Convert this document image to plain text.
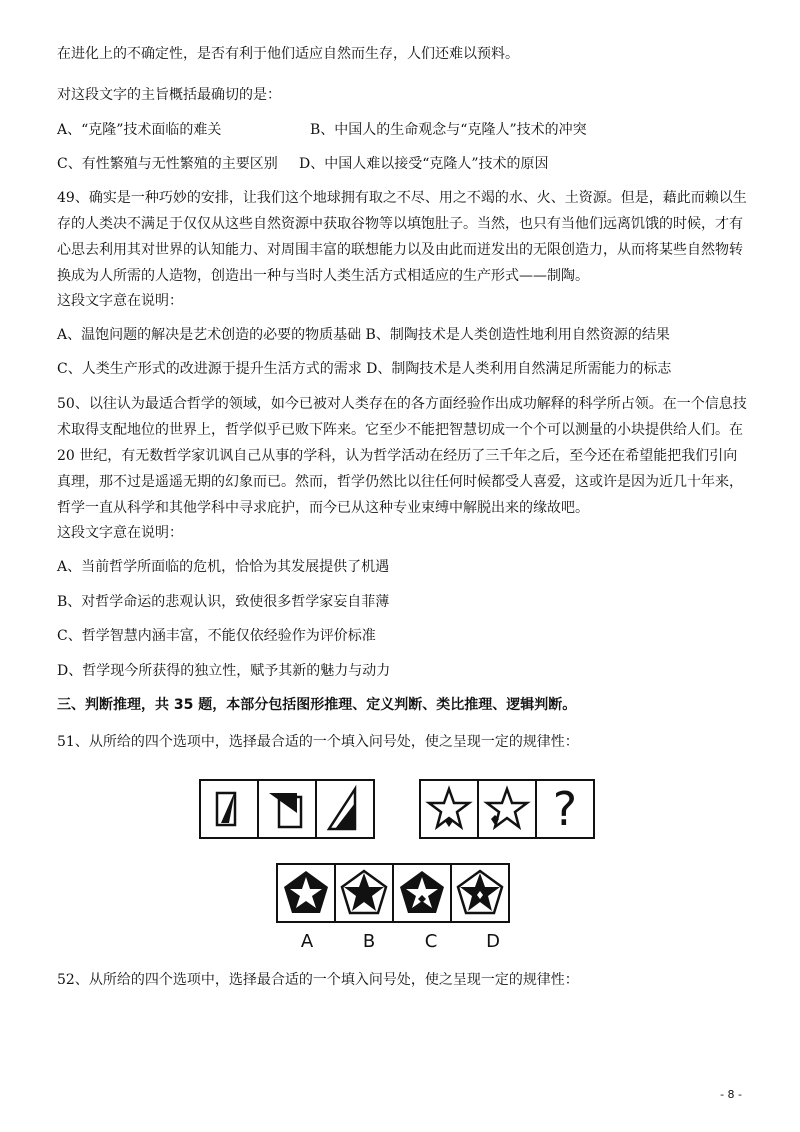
在进化上的不确定性，是否有利于他们适应自然而生存，人们还难以预料。

对这段文字的主旨概括最确切的是：

A、“克隆”技术面临的难关	B、中国人的生命观念与“克隆人”技术的冲突
C、有性繁殖与无性繁殖的主要区别	D、中国人难以接受“克隆人”技术的原因

49、确实是一种巧妙的安排，让我们这个地球拥有取之不尽、用之不竭的水、火、土资源。但是，藉此而赖以生存的人类决不满足于仅仅从这些自然资源中获取谷物等以填饱肚子。当然，也只有当他们远离饥饿的时候，才有心思去利用其对世界的认知能力、对周围丰富的联想能力以及由此而迸发出的无限创造力，从而将某些自然物转换成为人所需的人造物，创造出一种与当时人类生活方式相适应的生产形式——制陶。

这段文字意在说明：

A、温饱问题的解决是艺术创造的必要的物质基础 B、制陶技术是人类创造性地利用自然资源的结果

C、人类生产形式的改进源于提升生活方式的需求 D、制陶技术是人类利用自然满足所需能力的标志

50、以往认为最适合哲学的领域，如今已被对人类存在的各方面经验作出成功解释的科学所占领。在一个信息技术取得支配地位的世界上，哲学似乎已败下阵来。它至少不能把智慧切成一个个可以测量的小块提供给人们。在 20 世纪，有无数哲学家讥讽自己从事的学科，认为哲学活动在经历了三千年之后，至今还在希望能把我们引向真理，那不过是遥遥无期的幻象而已。然而，哲学仍然比以往任何时候都受人喜爱，这或许是因为近几十年来，哲学一直从科学和其他学科中寻求庇护，而今已从这种专业束缚中解脱出来的缘故吧。

这段文字意在说明：

A、当前哲学所面临的危机，恰恰为其发展提供了机遇

B、对哲学命运的悲观认识，致使很多哲学家妄自菲薄

C、哲学智慧内涵丰富，不能仅依经验作为评价标准

D、哲学现今所获得的独立性，赋予其新的魅力与动力

三、判断推理，共 35 题，本部分包括图形推理、定义判断、类比推理、逻辑判断。

51、从所给的四个选项中，选择最合适的一个填入问号处，使之呈现一定的规律性：

?
A	B	C	D

52、从所给的四个选项中，选择最合适的一个填入问号处，使之呈现一定的规律性：

- 8 -
